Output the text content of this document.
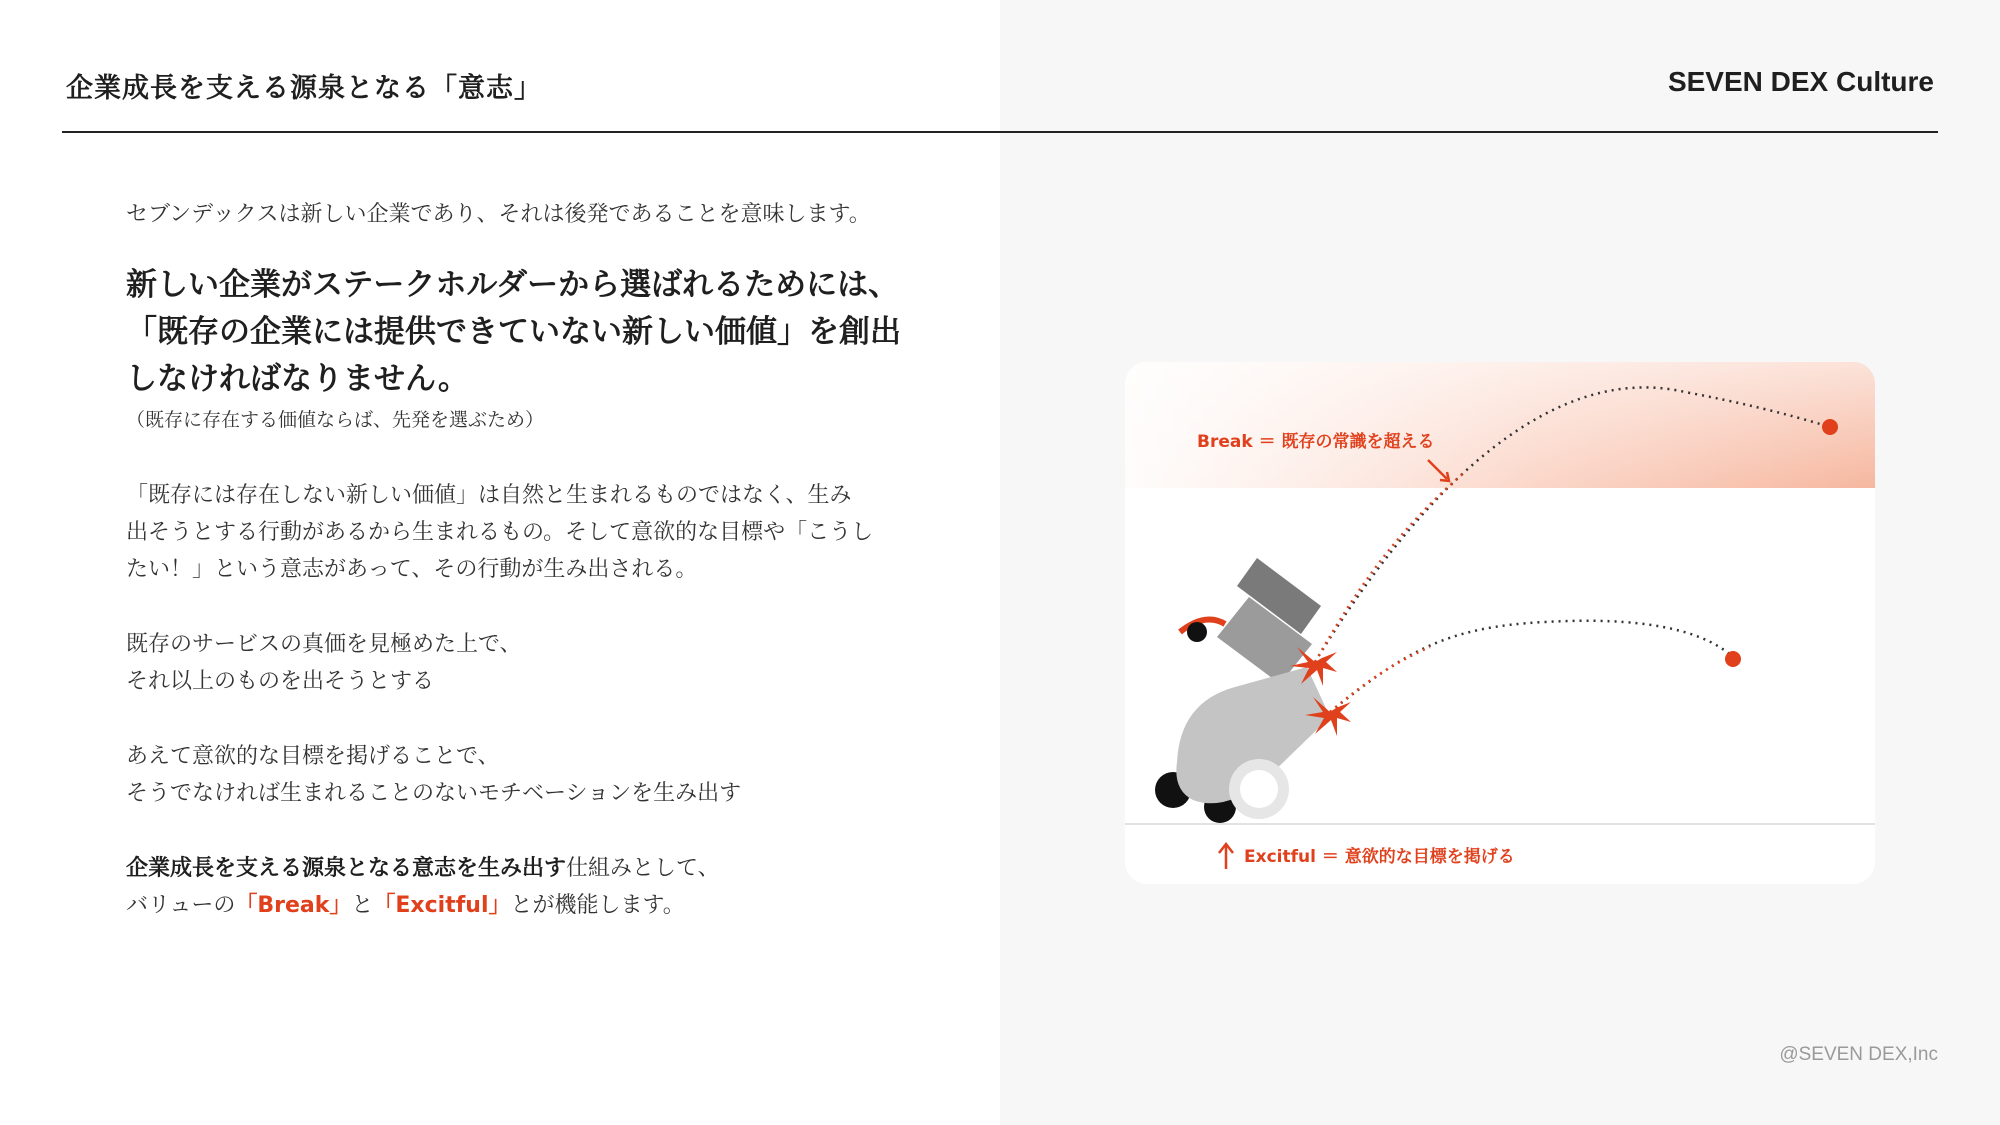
企業成長を支える源泉となる「意志」	SEVEN DEX Culture

セブンデックスは新しい企業であり、それは後発であることを意味します。

新しい企業がステークホルダーから選ばれるためには、
「既存の企業には提供できていない新しい価値」を創出
しなければなりません。

（既存に存在する価値ならば、先発を選ぶため）

「既存には存在しない新しい価値」は自然と生まれるものではなく、生み
出そうとする行動があるから生まれるもの。そして意欲的な目標や「こうし
たい！」という意志があって、その行動が生み出される。
既存のサービスの真価を見極めた上で、
それ以上のものを出そうとする
あえて意欲的な目標を掲げることで、
そうでなければ生まれることのないモチベーションを生み出す
企業成長を支える源泉となる意志を生み出す仕組みとして、
バリューの「Break」と「Excitful」とが機能します。
Break ＝ 既存の常識を超える
Excitful ＝ 意欲的な目標を掲げる
@SEVEN DEX,Inc
